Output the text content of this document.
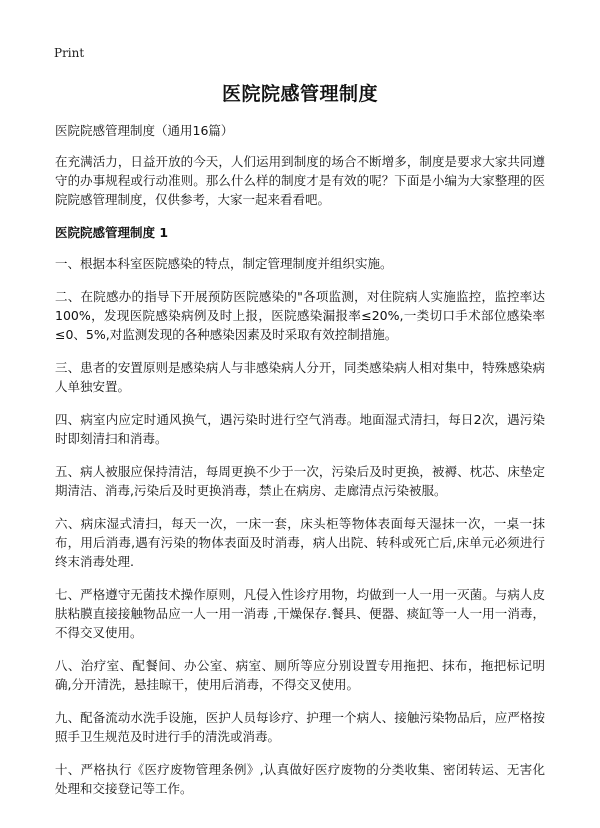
Print
医院院感管理制度

医院院感管理制度（通用16篇）

在充满活力，日益开放的今天，人们运用到制度的场合不断增多，制度是要求大家共同遵守的办事规程或行动准则。那么什么样的制度才是有效的呢？下面是小编为大家整理的医院院感管理制度，仅供参考，大家一起来看看吧。

医院院感管理制度 1

一、根据本科室医院感染的特点，制定管理制度并组织实施。

二、在院感办的指导下开展预防医院感染的"各项监测，对住院病人实施监控，监控率达100%，发现医院感染病例及时上报，医院感染漏报率≤20%,一类切口手术部位感染率≤0、5%,对监测发现的各种感染因素及时采取有效控制措施。

三、患者的安置原则是感染病人与非感染病人分开，同类感染病人相对集中，特殊感染病人单独安置。

四、病室内应定时通风换气，遇污染时进行空气消毒。地面湿式清扫，每日2次，遇污染时即刻清扫和消毒。

五、病人被服应保持清洁，每周更换不少于一次，污染后及时更换，被褥、枕芯、床垫定期清洁、消毒,污染后及时更换消毒，禁止在病房、走廊清点污染被服。

六、病床湿式清扫，每天一次，一床一套，床头柜等物体表面每天湿抹一次，一桌一抹布，用后消毒,遇有污染的物体表面及时消毒，病人出院、转科或死亡后,床单元必须进行终末消毒处理.

七、严格遵守无菌技术操作原则，凡侵入性诊疗用物，均做到一人一用一灭菌。与病人皮肤粘膜直接接触物品应一人一用一消毒 ,干燥保存.餐具、便器、痰缸等一人一用一消毒，不得交叉使用。

八、治疗室、配餐间、办公室、病室、厕所等应分别设置专用拖把、抹布，拖把标记明确,分开清洗，悬挂晾干，使用后消毒，不得交叉使用。

九、配备流动水洗手设施，医护人员每诊疗、护理一个病人、接触污染物品后，应严格按照手卫生规范及时进行手的清洗或消毒。

十、严格执行《医疗废物管理条例》,认真做好医疗废物的分类收集、密闭转运、无害化处理和交接登记等工作。
